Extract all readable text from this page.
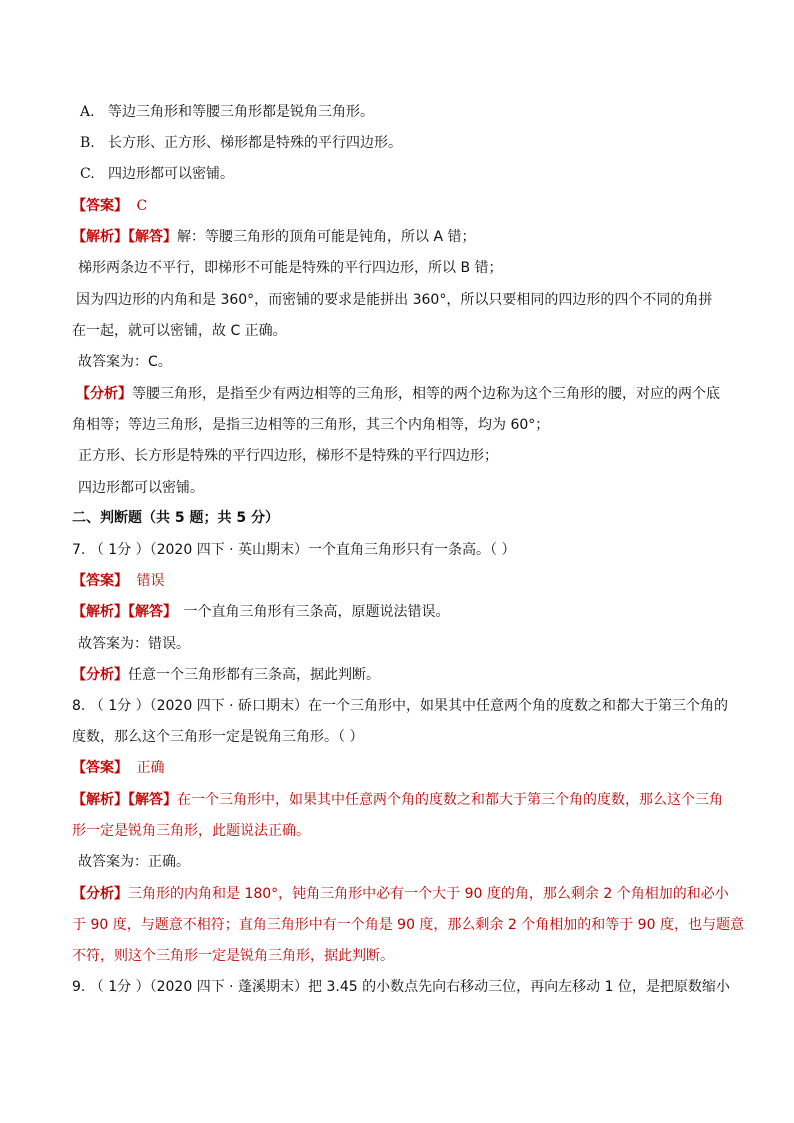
A. 等边三角形和等腰三角形都是锐角三角形。
B. 长方形、正方形、梯形都是特殊的平行四边形。
C. 四边形都可以密铺。
【答案】 C
【解析】【解答】解：等腰三角形的顶角可能是钝角，所以 A 错；
梯形两条边不平行，即梯形不可能是特殊的平行四边形，所以 B 错；
因为四边形的内角和是 360°，而密铺的要求是能拼出 360°，所以只要相同的四边形的四个不同的角拼
在一起，就可以密铺，故 C 正确。
故答案为：C。
【分析】等腰三角形，是指至少有两边相等的三角形，相等的两个边称为这个三角形的腰，对应的两个底
角相等；等边三角形，是指三边相等的三角形，其三个内角相等，均为 60°；
正方形、长方形是特殊的平行四边形，梯形不是特殊的平行四边形；
四边形都可以密铺。
二、判断题（共 5 题；共 5 分）
7. （ 1分 ）（2020 四下 · 英山期末）一个直角三角形只有一条高。（ ）
【答案】 错误
【解析】【解答】 一个直角三角形有三条高，原题说法错误。
故答案为：错误。
【分析】任意一个三角形都有三条高，据此判断。
8. （ 1分 ）（2020 四下 · 硚口期末）在一个三角形中，如果其中任意两个角的度数之和都大于第三个角的
度数，那么这个三角形一定是锐角三角形。（ ）
【答案】 正确
【解析】【解答】在一个三角形中，如果其中任意两个角的度数之和都大于第三个角的度数，那么这个三角
形一定是锐角三角形，此题说法正确。
故答案为：正确。
【分析】三角形的内角和是 180°，钝角三角形中必有一个大于 90 度的角，那么剩余 2 个角相加的和必小
于 90 度，与题意不相符；直角三角形中有一个角是 90 度，那么剩余 2 个角相加的和等于 90 度，也与题意
不符，则这个三角形一定是锐角三角形，据此判断。
9. （ 1分 ）（2020 四下 · 蓬溪期末）把 3.45 的小数点先向右移动三位，再向左移动 1 位，是把原数缩小
